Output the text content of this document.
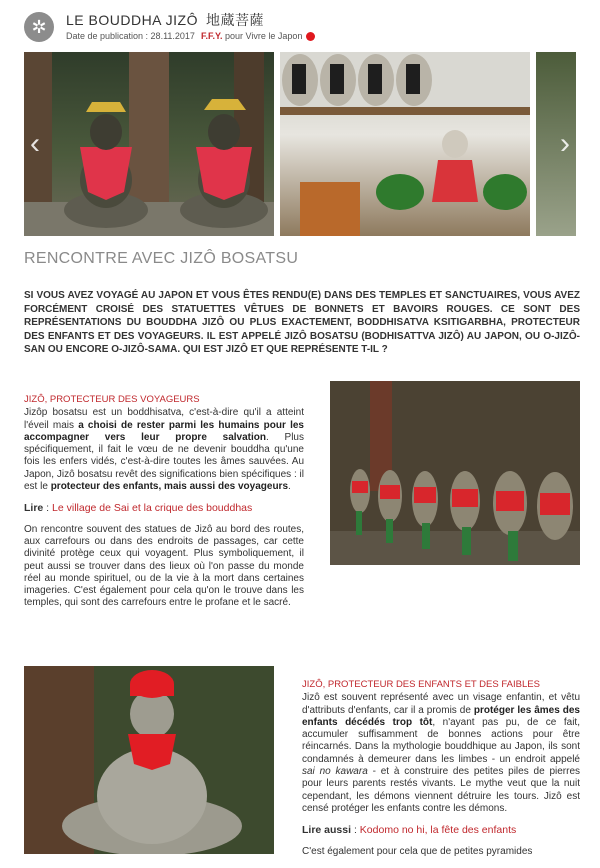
✲	LE BOUDDHA JIZÔ 地蔵菩薩
Date de publication : 28.11.2017 F.F.Y. pour Vivre le Japon
‹	›
RENCONTRE AVEC JIZÔ BOSATSU
SI VOUS AVEZ VOYAGÉ AU JAPON ET VOUS ÊTES RENDU(E) DANS DES TEMPLES ET SANCTUAIRES, VOUS AVEZ FORCÉMENT CROISÉ DES STATUETTES VÊTUES DE BONNETS ET BAVOIRS ROUGES. CE SONT DES REPRÉSENTATIONS DU BOUDDHA JIZÔ OU PLUS EXACTEMENT, BODDHISATVA KSITIGARBHA, PROTECTEUR DES ENFANTS ET DES VOYAGEURS. IL EST APPELÉ JIZÔ BOSATSU (BODHISATTVA JIZÔ) AU JAPON, OU O-JIZÔ-SAN OU ENCORE O-JIZÔ-SAMA. QUI EST JIZÔ ET QUE REPRÉSENTE T-IL ?
JIZÔ, PROTECTEUR DES VOYAGEURS

Jizôp bosatsu est un boddhisatva, c'est-à-dire qu'il a atteint l'éveil mais a choisi de rester parmi les humains pour les accompagner vers leur propre salvation. Plus spécifiquement, il fait le vœu de ne devenir bouddha qu'une fois les enfers vidés, c'est-à-dire toutes les âmes sauvées. Au Japon, Jizô bosatsu revêt des significations bien spécifiques : il est le protecteur des enfants, mais aussi des voyageurs.

Lire : Le village de Sai et la crique des bouddhas

On rencontre souvent des statues de Jizô au bord des routes, aux carrefours ou dans des endroits de passages, car cette divinité protège ceux qui voyagent. Plus symboliquement, il peut aussi se trouver dans des lieux où l'on passe du monde réel au monde spirituel, ou de la vie à la mort dans certaines imageries. C'est également pour cela qu'on le trouve dans les temples, qui sont des carrefours entre le profane et le sacré.

JIZÔ, PROTECTEUR DES ENFANTS ET DES FAIBLES

Jizô est souvent représenté avec un visage enfantin, et vêtu d'attributs d'enfants, car il a promis de protéger les âmes des enfants décédés trop tôt, n'ayant pas pu, de ce fait, accumuler suffisamment de bonnes actions pour être réincarnés. Dans la mythologie bouddhique au Japon, ils sont condamnés à demeurer dans les limbes - un endroit appelé sai no kawara - et à construire des petites piles de pierres pour leurs parents restés vivants. Le mythe veut que la nuit cependant, les démons viennent détruire les tours. Jizô est censé protéger les enfants contre les démons.

Lire aussi : Kodomo no hi, la fête des enfants

C'est également pour cela que de petites pyramides
